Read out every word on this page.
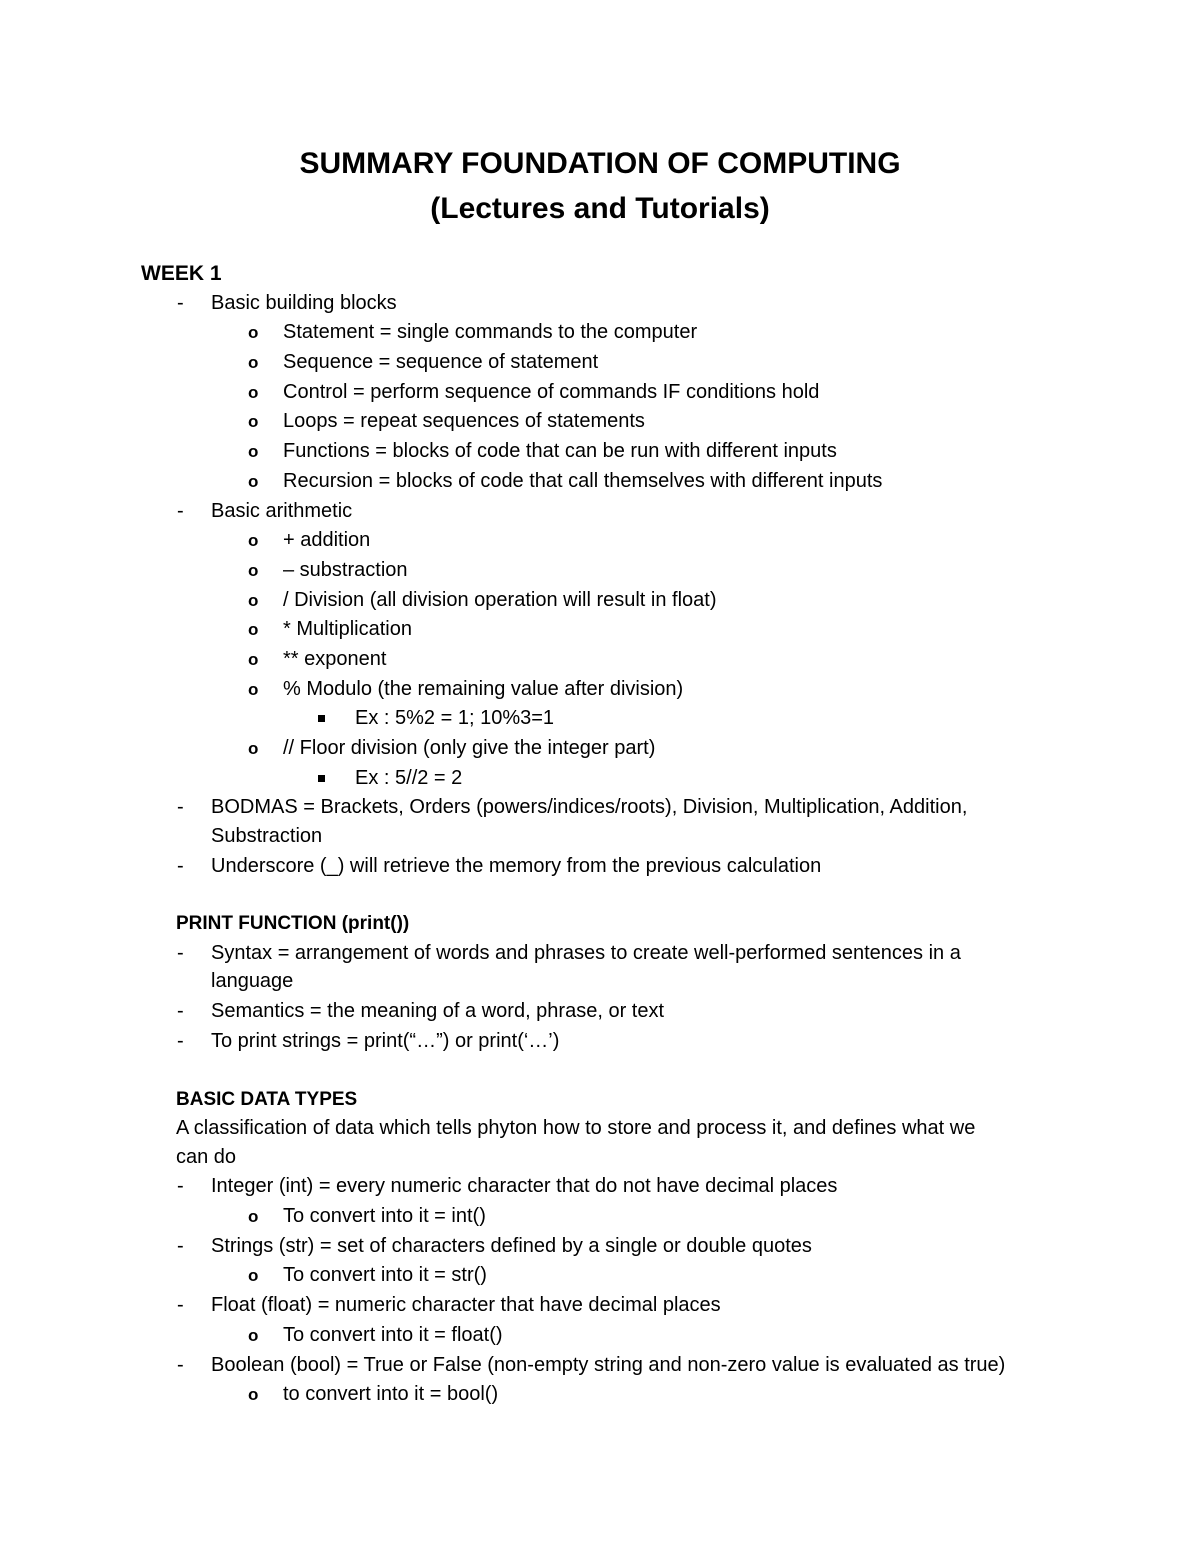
SUMMARY FOUNDATION OF COMPUTING
(Lectures and Tutorials)
WEEK 1
- Basic building blocks
o Statement = single commands to the computer
o Sequence = sequence of statement
o Control = perform sequence of commands IF conditions hold
o Loops = repeat sequences of statements
o Functions = blocks of code that can be run with different inputs
o Recursion = blocks of code that call themselves with different inputs
- Basic arithmetic
o + addition
o – substraction
o / Division (all division operation will result in float)
o * Multiplication
o ** exponent
o % Modulo (the remaining value after division)
Ex : 5%2 = 1; 10%3=1
o // Floor division (only give the integer part)
Ex : 5//2 = 2
- BODMAS = Brackets, Orders (powers/indices/roots), Division, Multiplication, Addition,
Substraction
- Underscore (_) will retrieve the memory from the previous calculation
PRINT FUNCTION (print())
- Syntax = arrangement of words and phrases to create well-performed sentences in a
language
- Semantics = the meaning of a word, phrase, or text
- To print strings = print(“…”) or print(‘…’)
BASIC DATA TYPES
A classification of data which tells phyton how to store and process it, and defines what we
can do
- Integer (int) = every numeric character that do not have decimal places
o To convert into it = int()
- Strings (str) = set of characters defined by a single or double quotes
o To convert into it = str()
- Float (float) = numeric character that have decimal places
o To convert into it = float()
- Boolean (bool) = True or False (non-empty string and non-zero value is evaluated as true)
o to convert into it = bool()
